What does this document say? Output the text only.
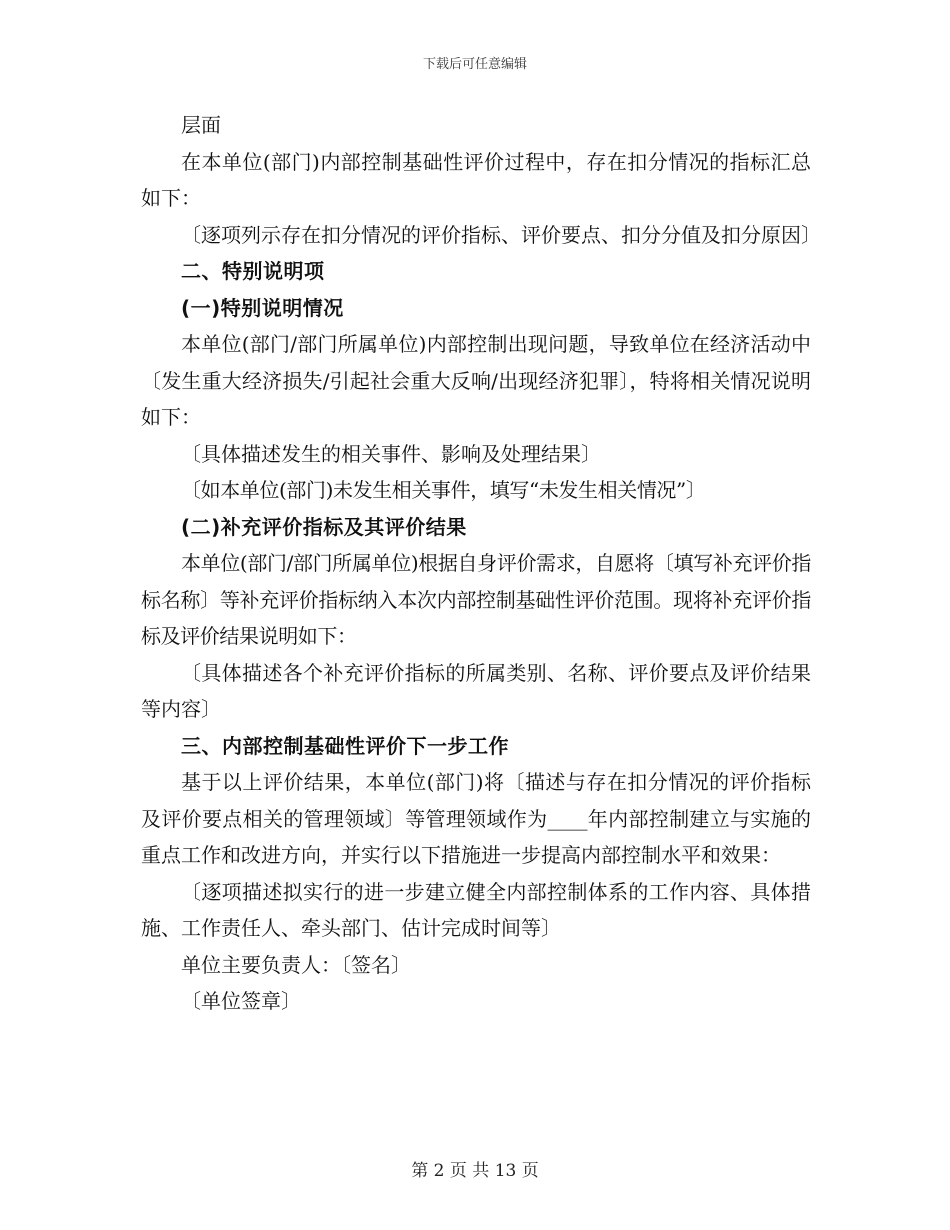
下载后可任意编辑

层面

在本单位(部门)内部控制基础性评价过程中，存在扣分情况的指标汇总如下：

〔逐项列示存在扣分情况的评价指标、评价要点、扣分分值及扣分原因〕

二、特别说明项

(一)特别说明情况

本单位(部门/部门所属单位)内部控制出现问题，导致单位在经济活动中〔发生重大经济损失/引起社会重大反响/出现经济犯罪〕，特将相关情况说明如下：

〔具体描述发生的相关事件、影响及处理结果〕

〔如本单位(部门)未发生相关事件，填写“未发生相关情况”〕

(二)补充评价指标及其评价结果

本单位(部门/部门所属单位)根据自身评价需求，自愿将〔填写补充评价指标名称〕等补充评价指标纳入本次内部控制基础性评价范围。现将补充评价指标及评价结果说明如下：

〔具体描述各个补充评价指标的所属类别、名称、评价要点及评价结果等内容〕

三、内部控制基础性评价下一步工作

基于以上评价结果，本单位(部门)将〔描述与存在扣分情况的评价指标及评价要点相关的管理领域〕等管理领域作为____年内部控制建立与实施的重点工作和改进方向，并实行以下措施进一步提高内部控制水平和效果：

〔逐项描述拟实行的进一步建立健全内部控制体系的工作内容、具体措施、工作责任人、牵头部门、估计完成时间等〕

单位主要负责人：〔签名〕

〔单位签章〕

第 2 页 共 13 页
